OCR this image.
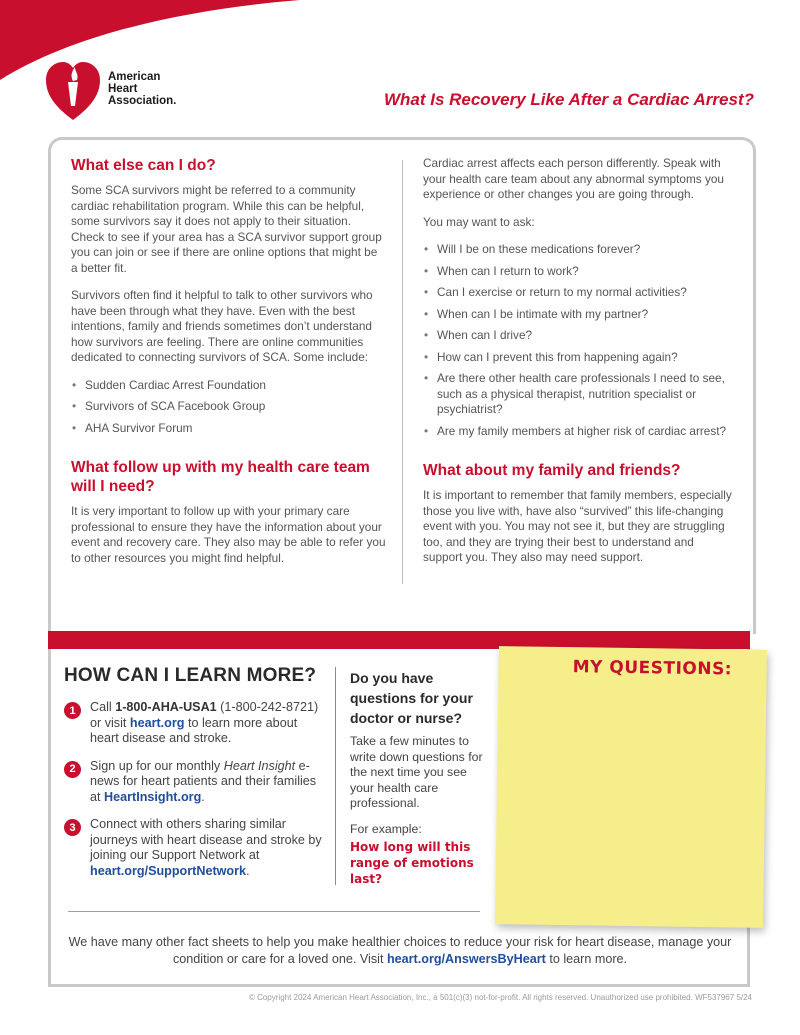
American
Heart
Association.	What Is Recovery Like After a Cardiac Arrest?
What else can I do?

Some SCA survivors might be referred to a community cardiac rehabilitation program. While this can be helpful, some survivors say it does not apply to their situation. Check to see if your area has a SCA survivor support group you can join or see if there are online options that might be a better fit.

Survivors often find it helpful to talk to other survivors who have been through what they have. Even with the best intentions, family and friends sometimes don’t understand how survivors are feeling. There are online communities dedicated to connecting survivors of SCA. Some include:

• Sudden Cardiac Arrest Foundation
• Survivors of SCA Facebook Group
• AHA Survivor Forum
What follow up with my health care team will I need?

It is very important to follow up with your primary care professional to ensure they have the information about your event and recovery care. They also may be able to refer you to other resources you might find helpful.

Cardiac arrest affects each person differently. Speak with your health care team about any abnormal symptoms you experience or other changes you are going through.

You may want to ask:

• Will I be on these medications forever?
• When can I return to work?
• Can I exercise or return to my normal activities?
• When can I be intimate with my partner?
• When can I drive?
• How can I prevent this from happening again?
• Are there other health care professionals I need to see, such as a physical therapist, nutrition specialist or psychiatrist?
• Are my family members at higher risk of cardiac arrest?
What about my family and friends?

It is important to remember that family members, especially those you live with, have also “survived” this life-changing event with you. You may not see it, but they are struggling too, and they are trying their best to understand and support you. They also may need support.

HOW CAN I LEARN MORE?
1	Call 1-800-AHA-USA1 (1-800-242-8721) or visit heart.org to learn more about heart disease and stroke.
2	Sign up for our monthly Heart Insight e-news for heart patients and their families at HeartInsight.org.
3	Connect with others sharing similar journeys with heart disease and stroke by joining our Support Network at heart.org/SupportNetwork.
Do you have questions for your doctor or nurse?
Take a few minutes to write down questions for the next time you see your health care professional.
For example:
How long will this range of emotions last?
MY QUESTIONS:
We have many other fact sheets to help you make healthier choices to reduce your risk for heart disease, manage your condition or care for a loved one. Visit heart.org/AnswersByHeart to learn more.
© Copyright 2024 American Heart Association, Inc., a 501(c)(3) not-for-profit. All rights reserved. Unauthorized use prohibited. WF537967 5/24
